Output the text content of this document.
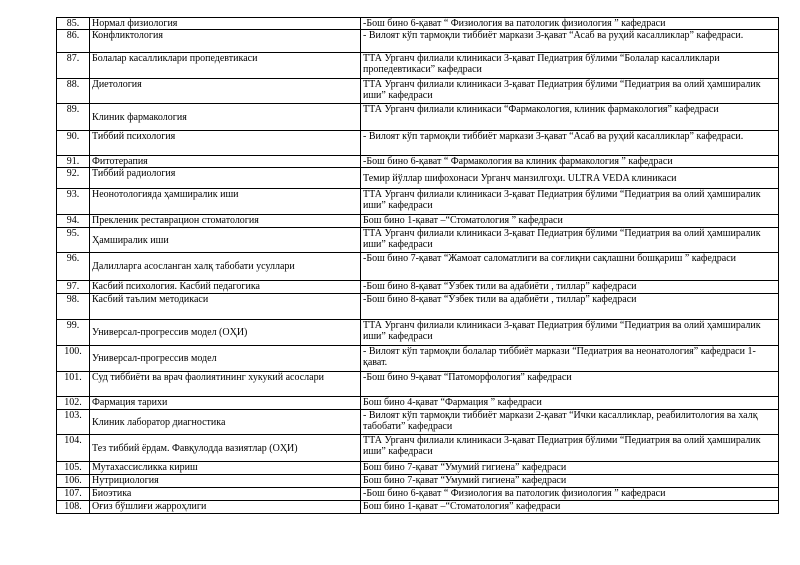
85.	Нормал физиология	-Бош бино 6-қават “ Физиология ва патологик физиология ” кафедраси
86.	Конфликтология	- Вилоят кўп тармоқли тиббиёт маркази 3-қават “Асаб ва руҳий касалликлар” кафедраси.
87.	Болалар касалликлари пропедевтикаси	ТТА Урганч филиали клиникаси 3-қават Педиатрия бўлими “Болалар касалликлари пропедевтикаси” кафедраси
88.	Диетология	ТТА Урганч филиали клиникаси 3-қават Педиатрия бўлими “Педиатрия ва олий ҳамширалик иши” кафедраси
89.	Клиник фармакология	ТТА Урганч филиали клиникаси “Фармакология, клиник фармакология” кафедраси
90.	Тиббий психология	- Вилоят кўп тармоқли тиббиёт маркази 3-қават “Асаб ва руҳий касалликлар” кафедраси.
91.	Фитотерапия	-Бош бино 6-қават “ Фармакология ва клиник фармакология ” кафедраси
92.	Тиббий радиология	Темир йўллар шифохонаси Урганч манзилгоҳи. ULTRA VEDA клиникаси
93.	Неонотологияда ҳамширалик иши	ТТА Урганч филиали клиникаси 3-қават Педиатрия бўлими “Педиатрия ва олий ҳамширалик иши” кафедраси
94.	Прекленик реставрацион стоматология	Бош бино 1-қават –“Стоматология ” кафедраси
95.	Ҳамширалик иши	ТТА Урганч филиали клиникаси 3-қават Педиатрия бўлими “Педиатрия ва олий ҳамширалик иши” кафедраси
96.	Далилларга асосланган халқ табобати усуллари	-Бош бино 7-қават “Жамоат саломатлиги ва соғлиқни сақлашни бошқариш ” кафедраси
97.	Касбий психология. Касбий педагогика	-Бош бино 8-қават “Ўзбек тили ва адабиёти , тиллар” кафедраси
98.	Касбий таълим методикаси	-Бош бино 8-қават “Ўзбек тили ва адабиёти , тиллар” кафедраси
99.	Универсал-прогрессив модел (ОҲИ)	ТТА Урганч филиали клиникаси 3-қават Педиатрия бўлими “Педиатрия ва олий ҳамширалик иши” кафедраси
100.	Универсал-прогрессив модел	- Вилоят кўп тармоқли болалар тиббиёт маркази “Педиатрия ва неонатология” кафедраси 1-қават.
101.	Суд тиббиёти ва врач фаолиятининг хукукий асослари	-Бош бино 9-қават “Патоморфология” кафедраси
102.	Фармация тарихи	Бош бино 4-қават “Фармация ” кафедраси
103.	Клиник лаборатор диагностика	- Вилоят кўп тармоқли тиббиёт маркази 2-қават “Ички касалликлар, реабилитология ва халқ табобати” кафедраси
104.	Тез тиббий ёрдам. Фавқулодда вазиятлар (ОҲИ)	ТТА Урганч филиали клиникаси 3-қават Педиатрия бўлими “Педиатрия ва олий ҳамширалик иши” кафедраси
105.	Мутахассисликка кириш	Бош бино 7-қават “Умумий гигиена” кафедраси
106.	Нутрициология	Бош бино 7-қават “Умумий гигиена” кафедраси
107.	Биоэтика	-Бош бино 6-қават “ Физиология ва патологик физиология ” кафедраси
108.	Оғиз бўшлиғи жарроҳлиги	Бош бино 1-қават –“Стоматология” кафедраси
